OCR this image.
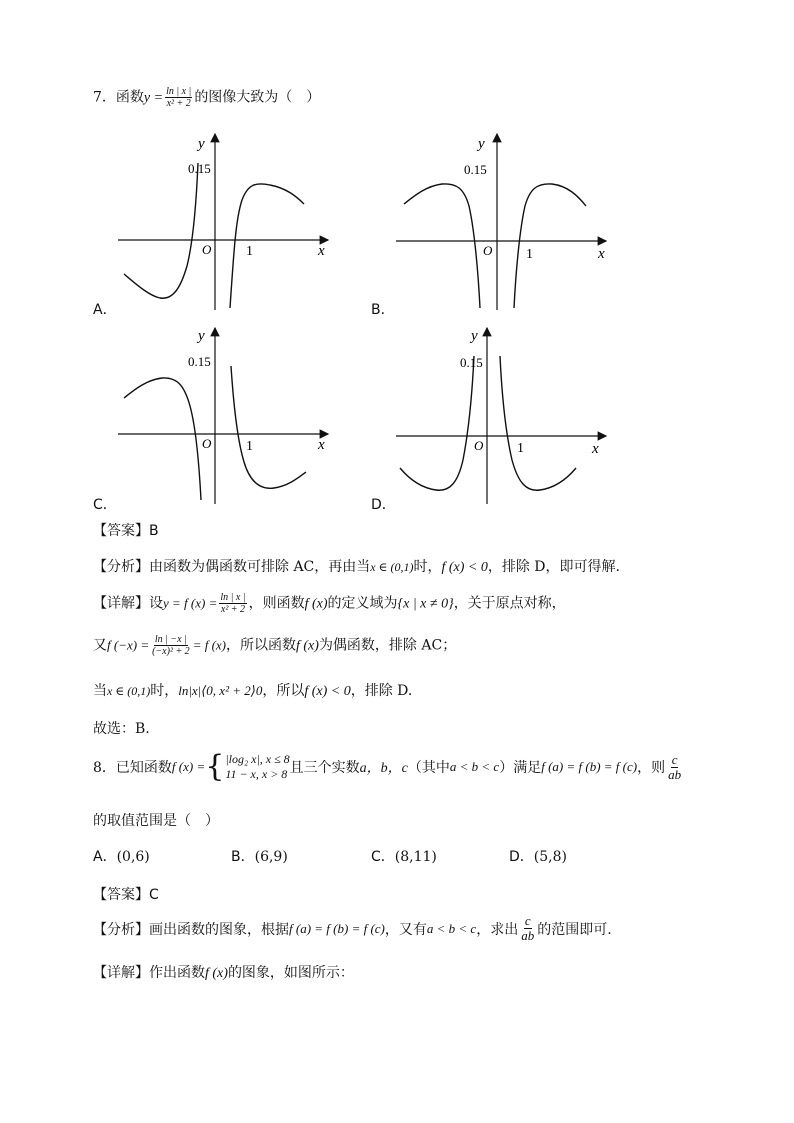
7．函数$y = \frac{\ln | x |}{\text{x² + 2}}$ 的图像大致为（　）
y
x
O 1
0.15
A．
y
x
O 1
0.15
B．
y
x
O 1
0.15
C．
y
x
O 1
0.15
D．
【答案】B
【分析】由函数为偶函数可排除 AC，再由当x ∈ (0,1)时，f (x) < 0，排除 D，即可得解.
【详解】设y = f $(x) = \frac{\ln | x |}{\text{x² + 2}}$ ，则函数f (x)的定义域为{x | x ≠ 0}，关于原点对称，
又f $(-x) = \frac{\ln | -x |}{\text{(−x)² + 2}} = f$ (x)，所以函数f (x)为偶函数，排除 AC；
当x ∈ (0,1)时，ln|x|⟨0, x² + 2⟩0，所以f (x) < 0，排除 D.
故选：B.
8．已知函数 f (x) = { |log₂ x|, x ≤ 8
11 − x, x > 8 且三个实数 a，b，c （其中 a < b < c ）满足 f (a) = f (b) = f (c) ，则 $\frac{c}{ab}$
的取值范围是（　）
A．(0,6)	B．(6,9)	C．(8,11)	D．(5,8)
【答案】C
【分析】 画出函数的图象，根据 f (a) = f (b) = f (c) ，又有 a < b < c ，求出 $\frac{c}{ab}$ 的范围即可.
【详解】作出函数f (x)的图象，如图所示：
